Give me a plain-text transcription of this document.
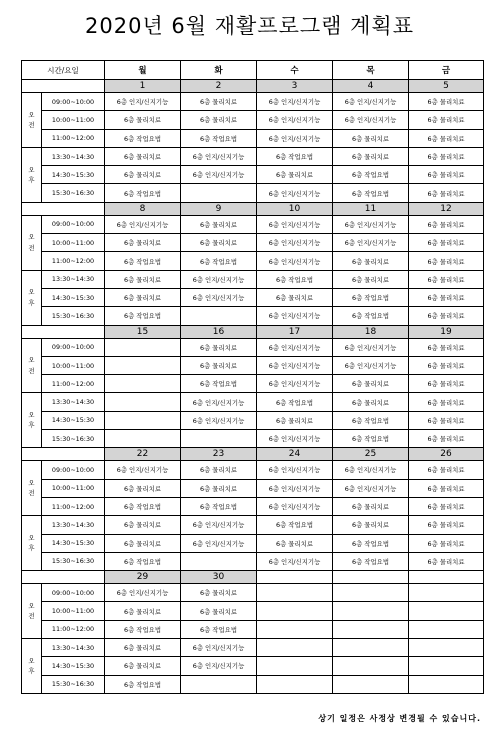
2020년 6월 재활프로그램 계획표
시간/요일		월	화	수	목	금
		1	2	3	4	5
오
전	09:00~10:00	6층 인지/신지기능	6층 물리치료	6층 인지/신지기능	6층 인지/신지기능	6층 물리치료
	10:00~11:00	6층 물리치료	6층 물리치료	6층 인지/신지기능	6층 인지/신지기능	6층 물리치료
	11:00~12:00	6층 작업요법	6층 작업요법	6층 인지/신지기능	6층 물리치료	6층 물리치료
오
후	13:30~14:30	6층 물리치료	6층 인지/신지기능	6층 작업요법	6층 물리치료	6층 물리치료
	14:30~15:30	6층 물리치료	6층 인지/신지기능	6층 물리치료	6층 작업요법	6층 물리치료
	15:30~16:30	6층 작업요법		6층 인지/신지기능	6층 작업요법	6층 물리치료
		8	9	10	11	12
오
전	09:00~10:00	6층 인지/신지기능	6층 물리치료	6층 인지/신지기능	6층 인지/신지기능	6층 물리치료
	10:00~11:00	6층 물리치료	6층 물리치료	6층 인지/신지기능	6층 인지/신지기능	6층 물리치료
	11:00~12:00	6층 작업요법	6층 작업요법	6층 인지/신지기능	6층 물리치료	6층 물리치료
오
후	13:30~14:30	6층 물리치료	6층 인지/신지기능	6층 작업요법	6층 물리치료	6층 물리치료
	14:30~15:30	6층 물리치료	6층 인지/신지기능	6층 물리치료	6층 작업요법	6층 물리치료
	15:30~16:30	6층 작업요법		6층 인지/신지기능	6층 작업요법	6층 물리치료
		15	16	17	18	19
오
전	09:00~10:00		6층 물리치료	6층 인지/신지기능	6층 인지/신지기능	6층 물리치료
	10:00~11:00		6층 물리치료	6층 인지/신지기능	6층 인지/신지기능	6층 물리치료
	11:00~12:00		6층 작업요법	6층 인지/신지기능	6층 물리치료	6층 물리치료
오
후	13:30~14:30		6층 인지/신지기능	6층 작업요법	6층 물리치료	6층 물리치료
	14:30~15:30		6층 인지/신지기능	6층 물리치료	6층 작업요법	6층 물리치료
	15:30~16:30			6층 인지/신지기능	6층 작업요법	6층 물리치료
		22	23	24	25	26
오
전	09:00~10:00	6층 인지/신지기능	6층 물리치료	6층 인지/신지기능	6층 인지/신지기능	6층 물리치료
	10:00~11:00	6층 물리치료	6층 물리치료	6층 인지/신지기능	6층 인지/신지기능	6층 물리치료
	11:00~12:00	6층 작업요법	6층 작업요법	6층 인지/신지기능	6층 물리치료	6층 물리치료
오
후	13:30~14:30	6층 물리치료	6층 인지/신지기능	6층 작업요법	6층 물리치료	6층 물리치료
	14:30~15:30	6층 물리치료	6층 인지/신지기능	6층 물리치료	6층 작업요법	6층 물리치료
	15:30~16:30	6층 작업요법		6층 인지/신지기능	6층 작업요법	6층 물리치료
		29	30			
오
전	09:00~10:00	6층 인지/신지기능	6층 물리치료			
	10:00~11:00	6층 물리치료	6층 물리치료			
	11:00~12:00	6층 작업요법	6층 작업요법			
오
후	13:30~14:30	6층 물리치료	6층 인지/신지기능			
	14:30~15:30	6층 물리치료	6층 인지/신지기능			
	15:30~16:30	6층 작업요법				
상기 일정은 사정상 변경될 수 있습니다.
